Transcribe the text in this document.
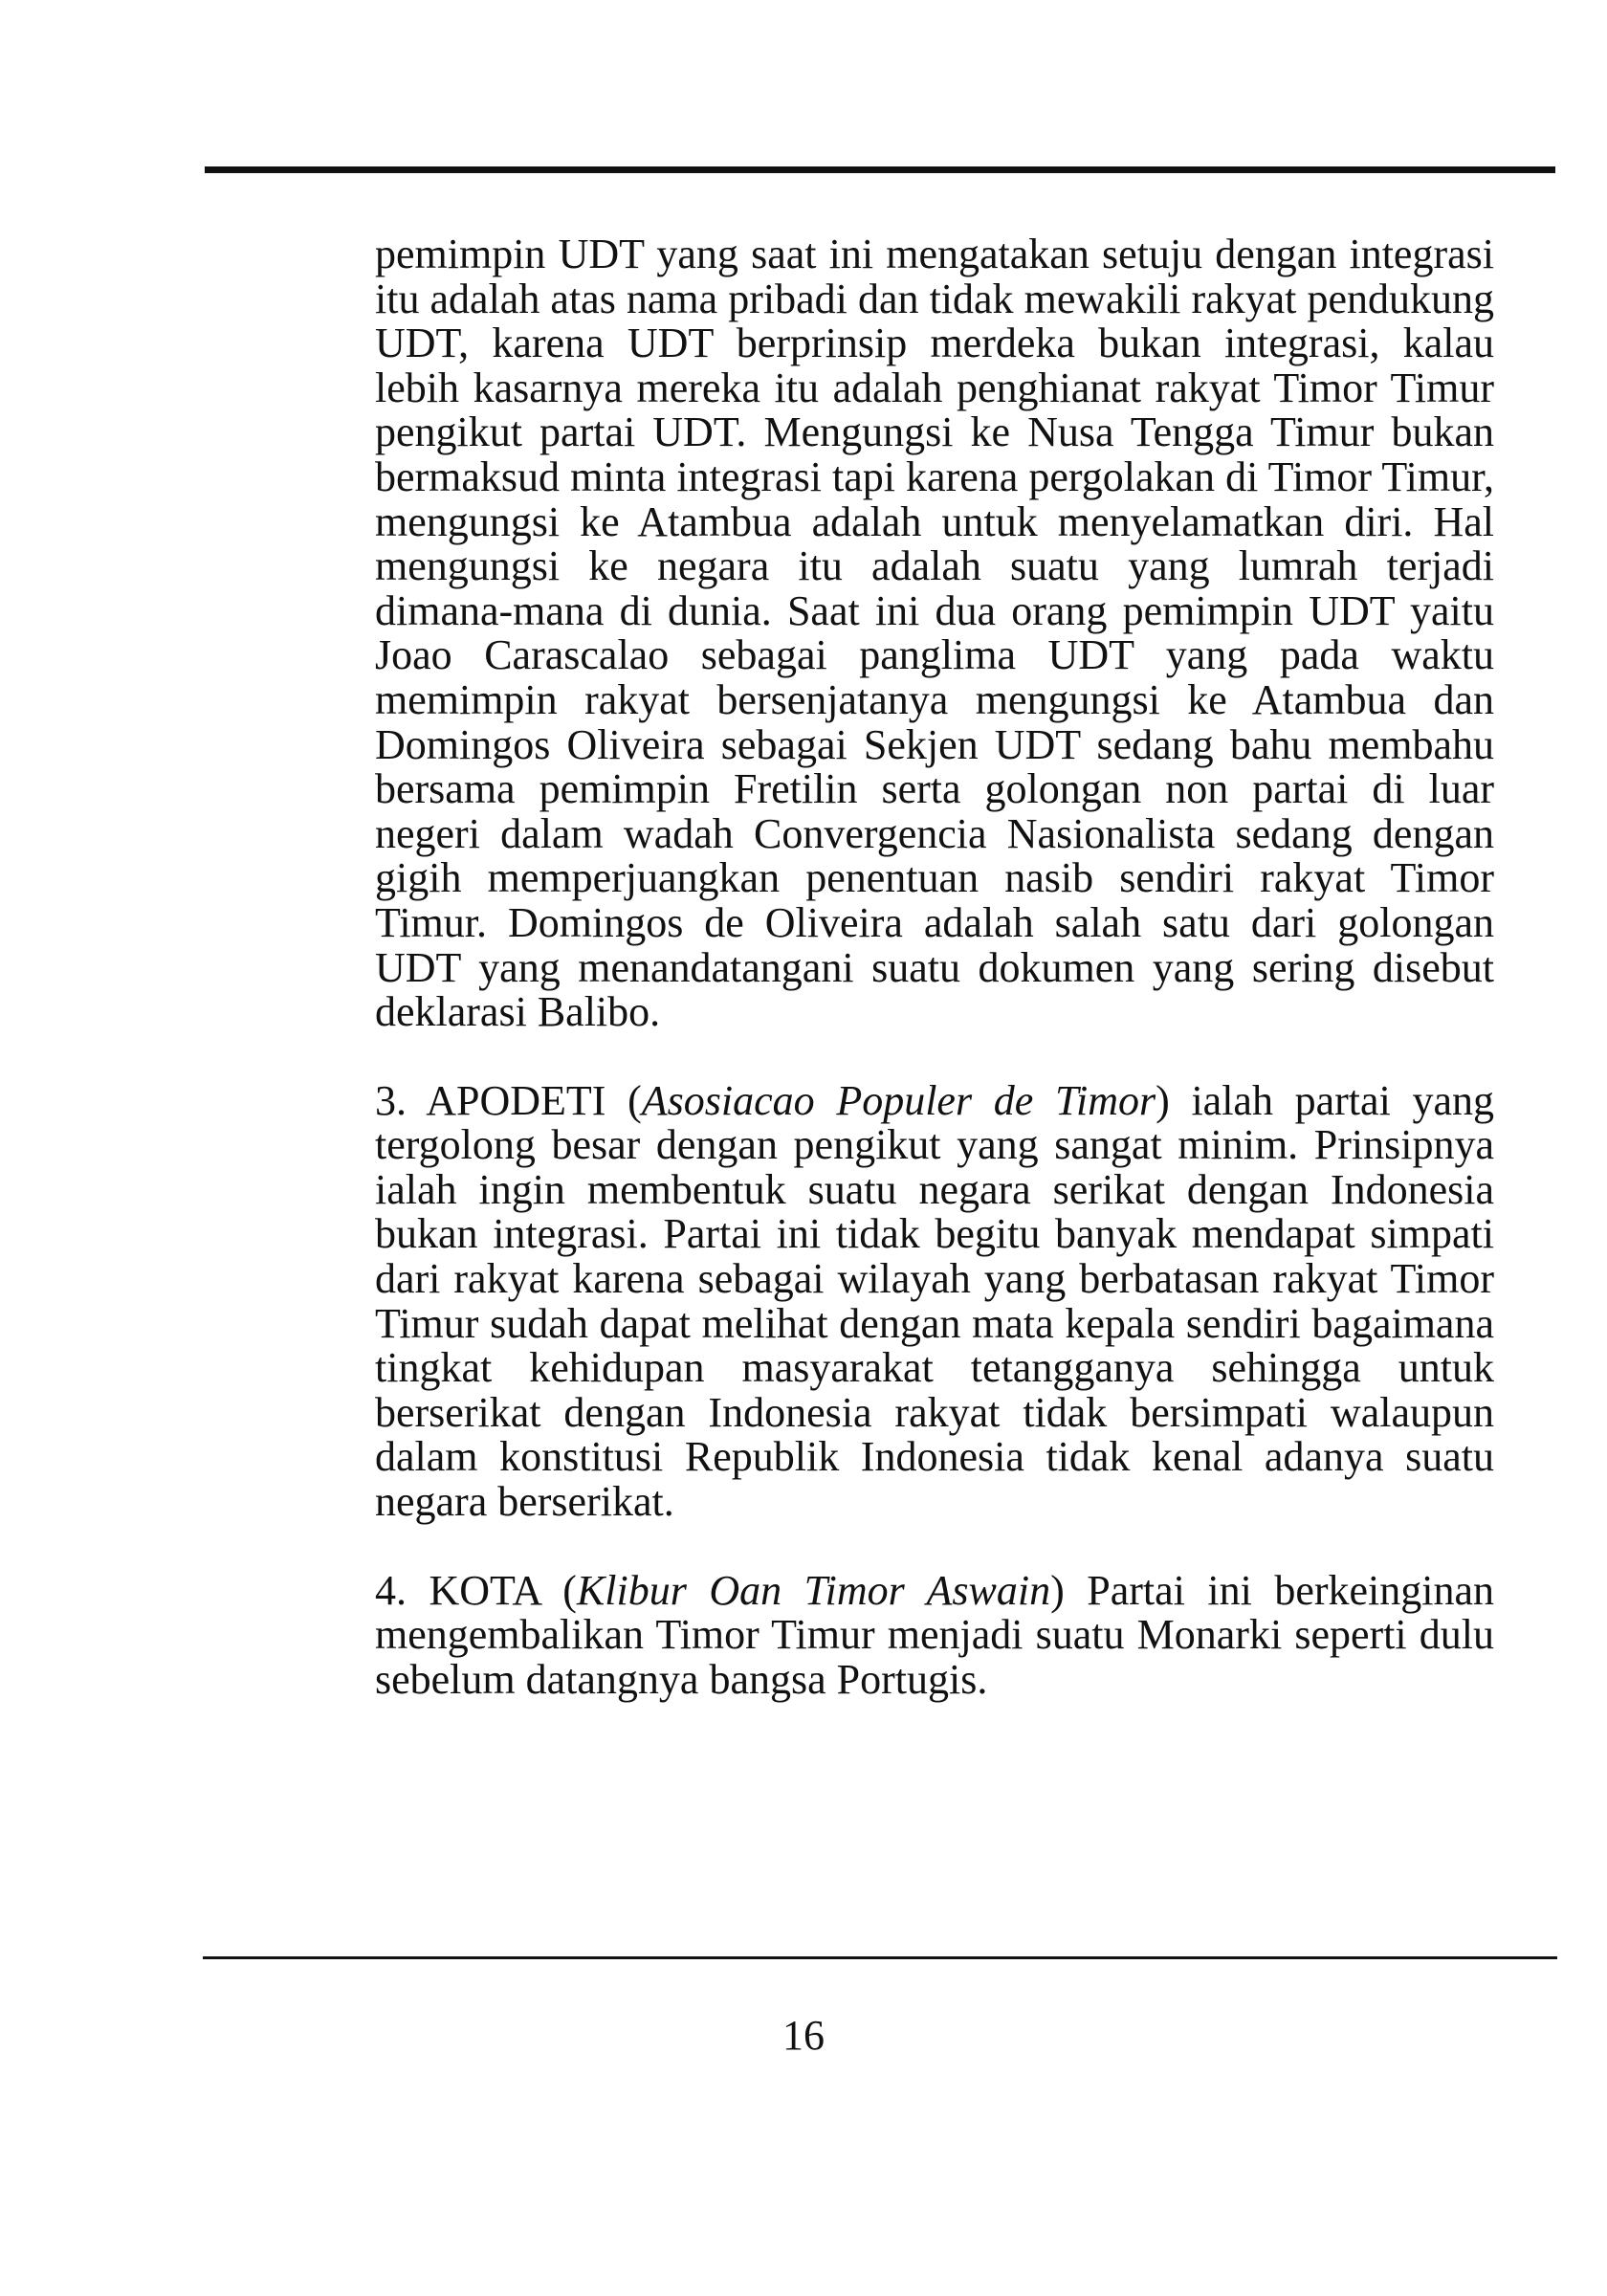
pemimpin UDT yang saat ini mengatakan setuju dengan integrasi itu adalah atas nama pribadi dan tidak mewakili rakyat pendukung UDT, karena UDT berprinsip merdeka bukan integrasi, kalau lebih kasarnya mereka itu adalah penghianat rakyat Timor Timur pengikut partai UDT. Mengungsi ke Nusa Tengga Timur bukan bermaksud minta integrasi tapi karena pergolakan di Timor Timur, mengungsi ke Atambua adalah untuk menyelamatkan diri. Hal mengungsi ke negara itu adalah suatu yang lumrah terjadi dimana-mana di dunia. Saat ini dua orang pemimpin UDT yaitu Joao Carascalao sebagai panglima UDT yang pada waktu memimpin rakyat bersenjatanya mengungsi ke Atambua dan Domingos Oliveira sebagai Sekjen UDT sedang bahu membahu bersama pemimpin Fretilin serta golongan non partai di luar negeri dalam wadah Convergencia Nasionalista sedang dengan gigih memperjuangkan penentuan nasib sendiri rakyat Timor Timur. Domingos de Oliveira adalah salah satu dari golongan UDT yang menandatangani suatu dokumen yang sering disebut deklarasi Balibo.

3. APODETI (Asosiacao Populer de Timor) ialah partai yang tergolong besar dengan pengikut yang sangat minim. Prinsipnya ialah ingin membentuk suatu negara serikat dengan Indonesia bukan integrasi. Partai ini tidak begitu banyak mendapat simpati dari rakyat karena sebagai wilayah yang berbatasan rakyat Timor Timur sudah dapat melihat dengan mata kepala sendiri bagaimana tingkat kehidupan masyarakat tetangganya sehingga untuk berserikat dengan Indonesia rakyat tidak bersimpati walaupun dalam konstitusi Republik Indonesia tidak kenal adanya suatu negara berserikat.

4. KOTA (Klibur Oan Timor Aswain) Partai ini berkeinginan mengembalikan Timor Timur menjadi suatu Monarki seperti dulu sebelum datangnya bangsa Portugis.

16
